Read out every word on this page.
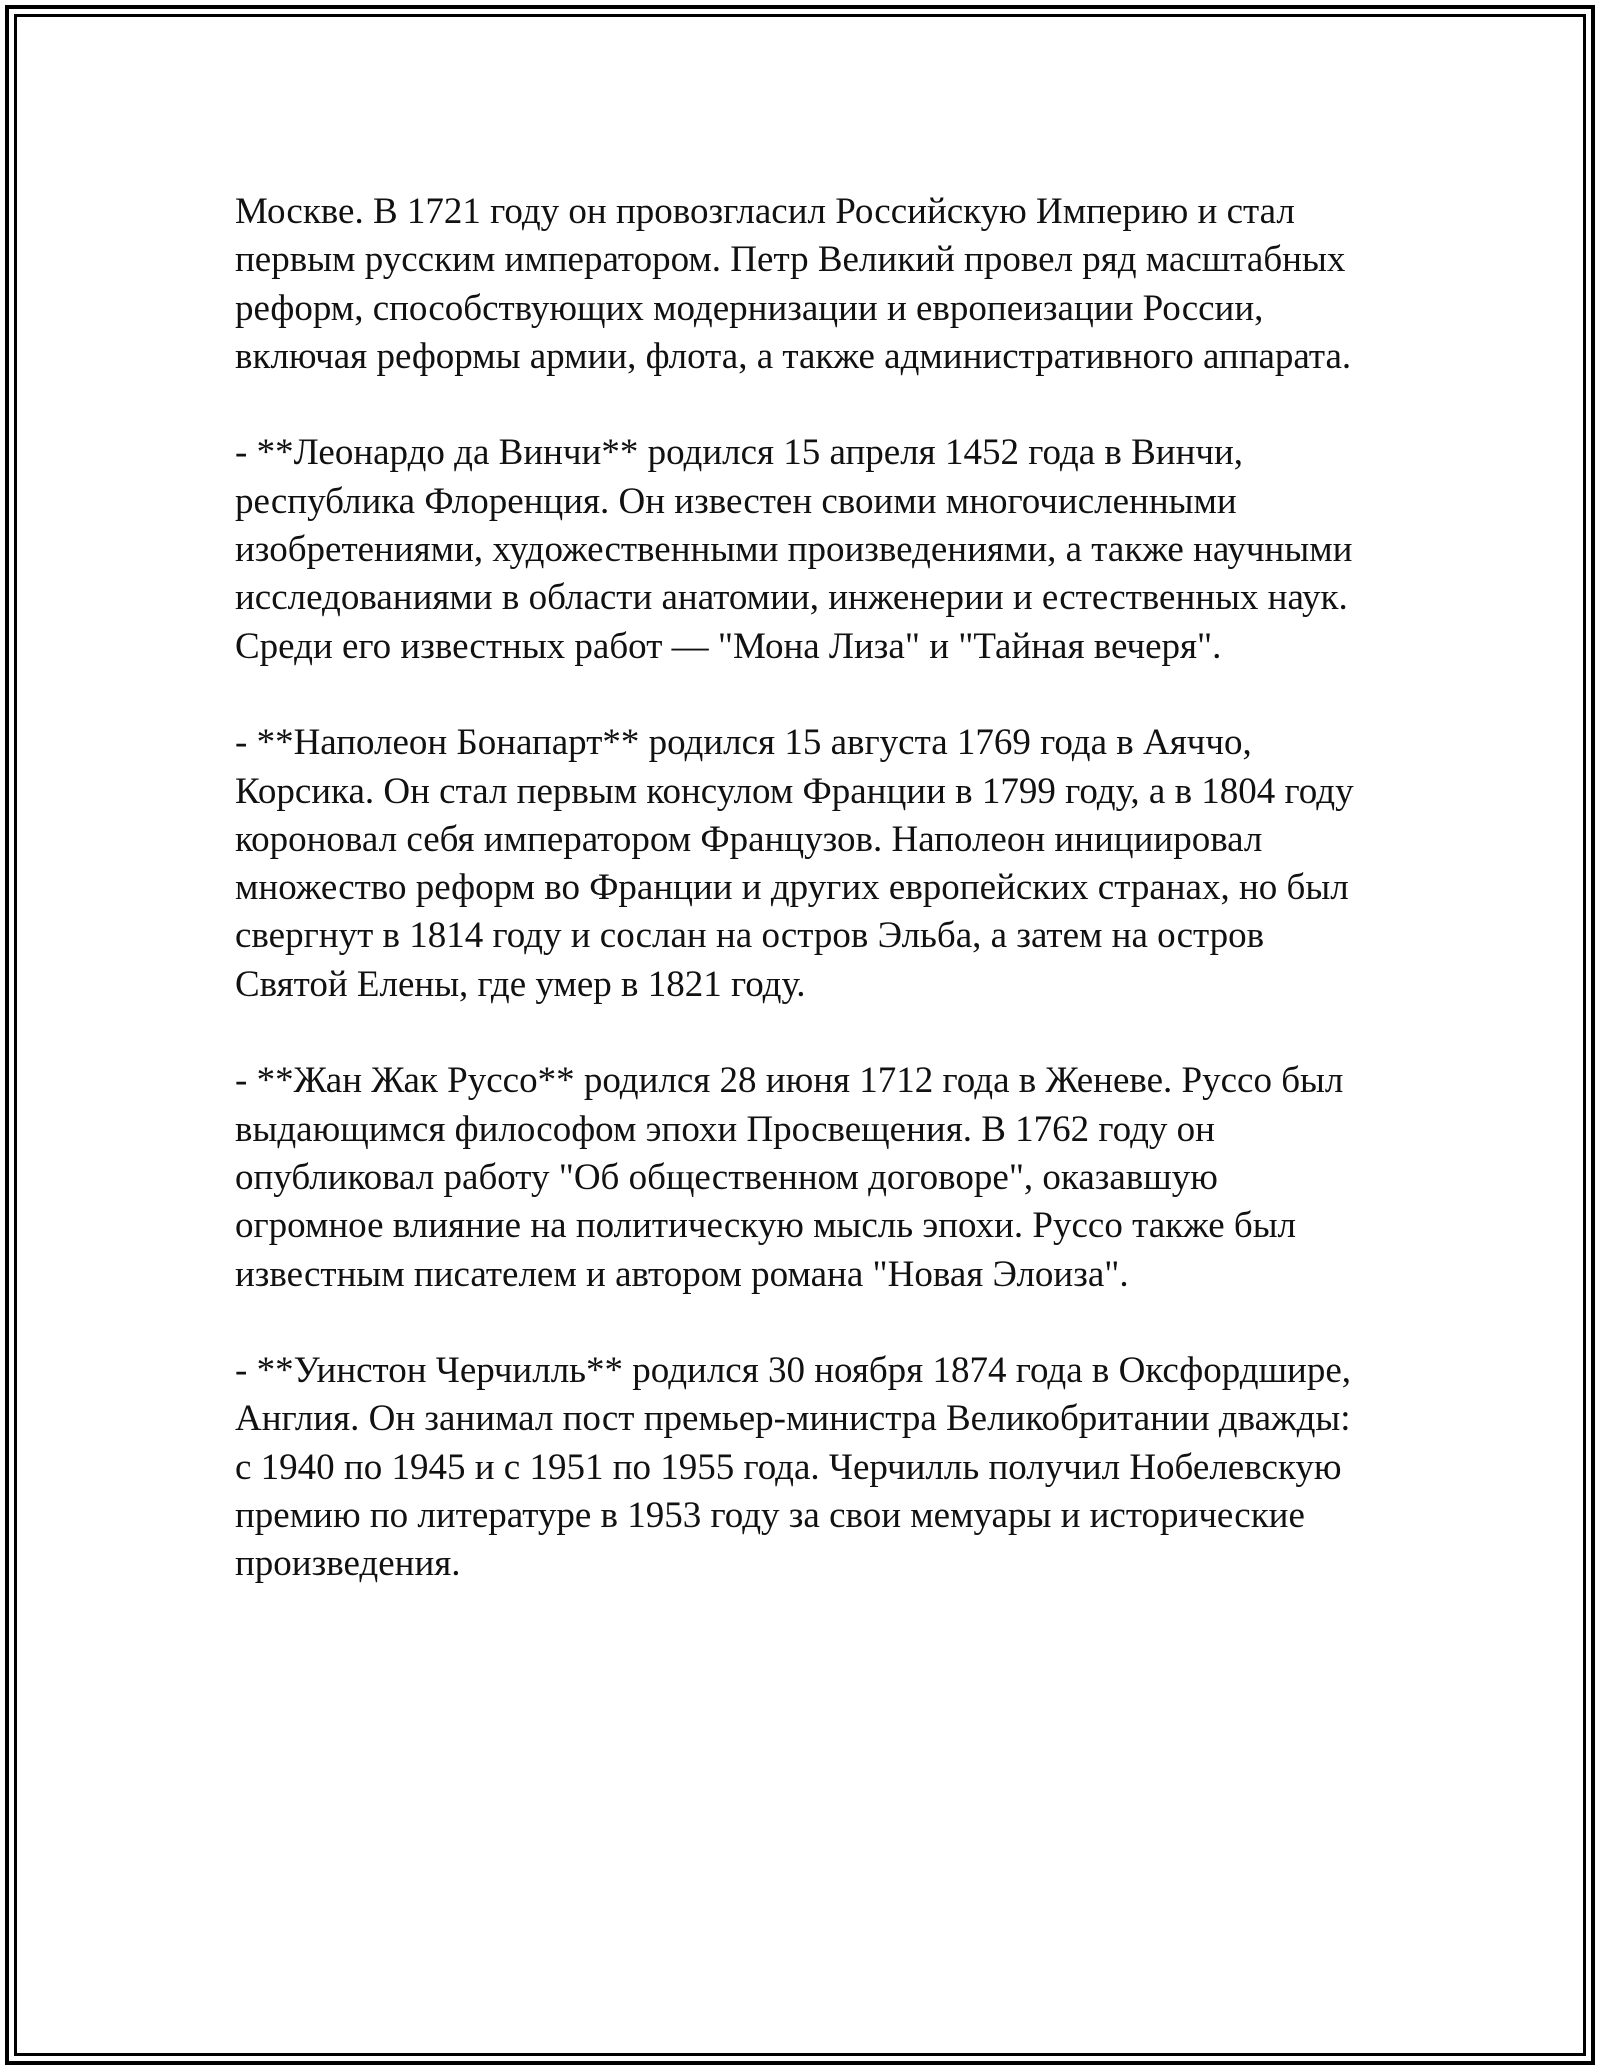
Москве. В 1721 году он провозгласил Российскую Империю и стал
первым русским императором. Петр Великий провел ряд масштабных
реформ, способствующих модернизации и европеизации России,
включая реформы армии, флота, а также административного аппарата.
- **Леонардо да Винчи** родился 15 апреля 1452 года в Винчи,
республика Флоренция. Он известен своими многочисленными
изобретениями, художественными произведениями, а также научными
исследованиями в области анатомии, инженерии и естественных наук.
Среди его известных работ — "Мона Лиза" и "Тайная вечеря".
- **Наполеон Бонапарт** родился 15 августа 1769 года в Аяччо,
Корсика. Он стал первым консулом Франции в 1799 году, а в 1804 году
короновал себя императором Французов. Наполеон инициировал
множество реформ во Франции и других европейских странах, но был
свергнут в 1814 году и сослан на остров Эльба, а затем на остров
Святой Елены, где умер в 1821 году.
- **Жан Жак Руссо** родился 28 июня 1712 года в Женеве. Руссо был
выдающимся философом эпохи Просвещения. В 1762 году он
опубликовал работу "Об общественном договоре", оказавшую
огромное влияние на политическую мысль эпохи. Руссо также был
известным писателем и автором романа "Новая Элоиза".
- **Уинстон Черчилль** родился 30 ноября 1874 года в Оксфордшире,
Англия. Он занимал пост премьер-министра Великобритании дважды:
с 1940 по 1945 и с 1951 по 1955 года. Черчилль получил Нобелевскую
премию по литературе в 1953 году за свои мемуары и исторические
произведения.
